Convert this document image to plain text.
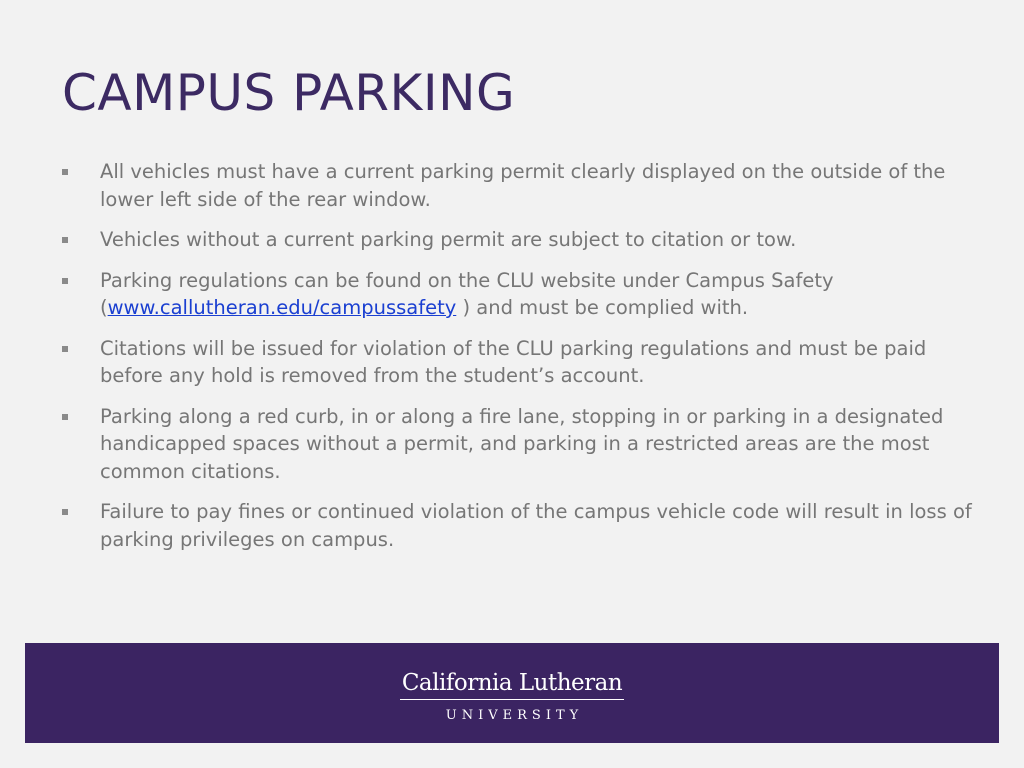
CAMPUS PARKING
All vehicles must have a current parking permit clearly displayed on the outside of the lower left side of the rear window.
Vehicles without a current parking permit are subject to citation or tow.
Parking regulations can be found on the CLU website under Campus Safety (www.callutheran.edu/campussafety ) and must be complied with.
Citations will be issued for violation of the CLU parking regulations and must be paid before any hold is removed from the student’s account.
Parking along a red curb, in or along a fire lane, stopping in or parking in a designated handicapped spaces without a permit, and parking in a restricted areas are the most common citations.
Failure to pay fines or continued violation of the campus vehicle code will result in loss of parking privileges on campus.
California Lutheran
UNIVERSITY
